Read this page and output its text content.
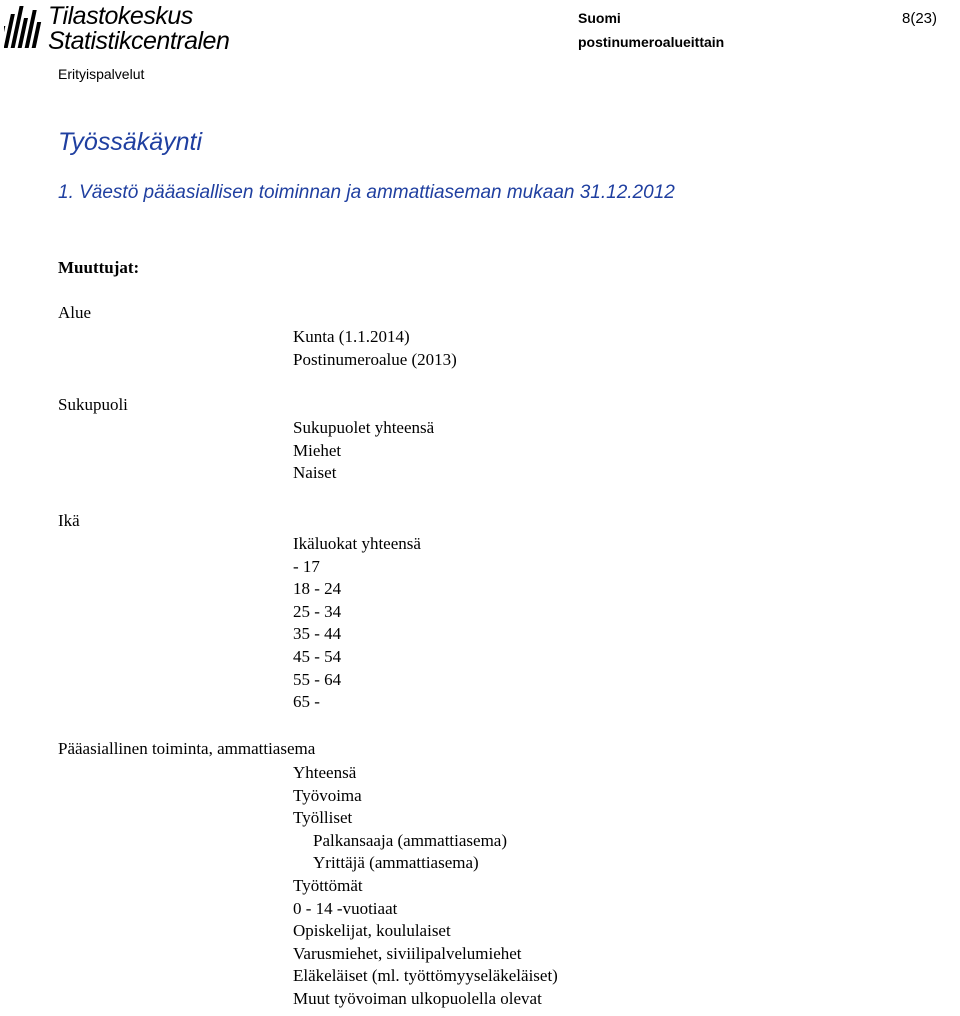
Tilastokeskus
Statistikcentralen
Erityispalvelut
Suomi
postinumeroalueittain
8(23)
Työssäkäynti
1. Väestö pääasiallisen toiminnan ja ammattiaseman mukaan 31.12.2012
Muuttujat:
Alue
Kunta (1.1.2014)
Postinumeroalue (2013)
Sukupuoli
Sukupuolet yhteensä
Miehet
Naiset
Ikä
Ikäluokat yhteensä
- 17
18 - 24
25 - 34
35 - 44
45 - 54
55 - 64
65 -
Pääasiallinen toiminta, ammattiasema
Yhteensä
Työvoima
Työlliset
Palkansaaja (ammattiasema)
Yrittäjä (ammattiasema)
Työttömät
0 - 14 -vuotiaat
Opiskelijat, koululaiset
Varusmiehet, siviilipalvelumiehet
Eläkeläiset (ml. työttömyyseläkeläiset)
Muut työvoiman ulkopuolella olevat
